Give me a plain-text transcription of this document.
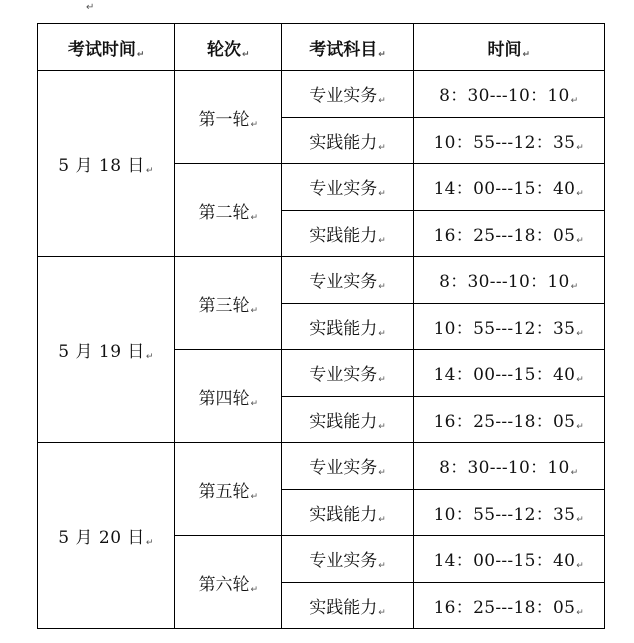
↵
考试时间↵	轮次↵	考试科目↵	时间↵
5 月 18 日↵	第一轮↵	专业实务↵	8：30---10：10↵
		实践能力↵	10：55---12：35↵
	第二轮↵	专业实务↵	14：00---15：40↵
		实践能力↵	16：25---18：05↵
5 月 19 日↵	第三轮↵	专业实务↵	8：30---10：10↵
		实践能力↵	10：55---12：35↵
	第四轮↵	专业实务↵	14：00---15：40↵
		实践能力↵	16：25---18：05↵
5 月 20 日↵	第五轮↵	专业实务↵	8：30---10：10↵
		实践能力↵	10：55---12：35↵
	第六轮↵	专业实务↵	14：00---15：40↵
		实践能力↵	16：25---18：05↵
